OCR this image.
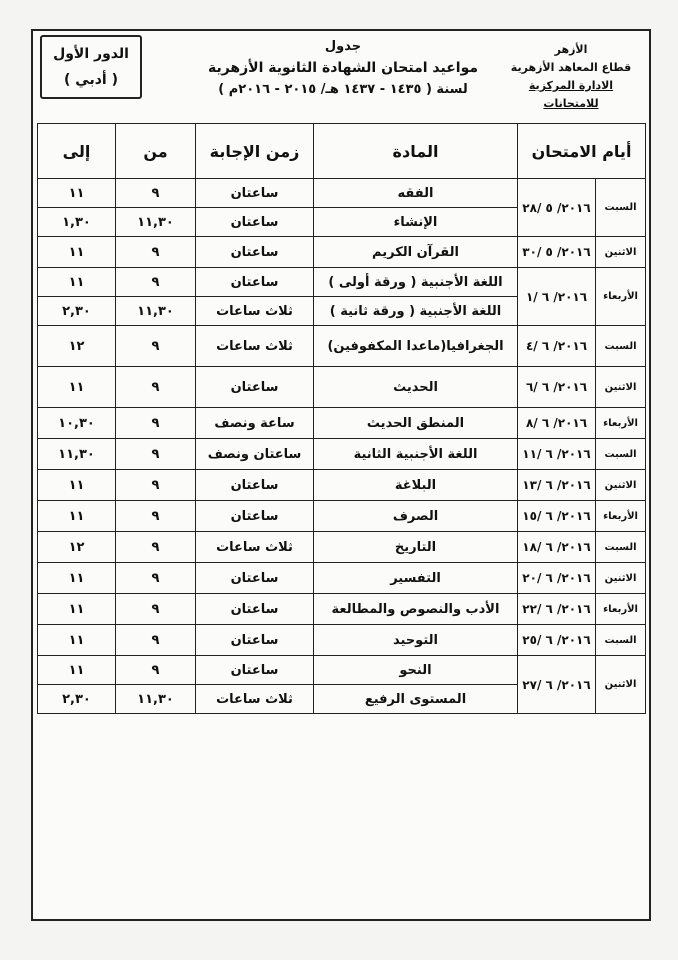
الأزهر
قطاع المعاهد الأزهرية
الادارة المركزية للامتحانات
جدول
مواعيد امتحان الشهادة الثانوية الأزهرية
لسنة ( ١٤٣٥ - ١٤٣٧ هـ/ ٢٠١٥ - ٢٠١٦م )
الدور الأول
( أدبي )
أيام الامتحان		المادة	زمن الإجابة	من	إلى
السبت	٢٠١٦/ ٥ /٢٨	الفقه	ساعتان	٩	١١
		الإنشاء	ساعتان	١١,٣٠	١,٣٠
الاثنين	٢٠١٦/ ٥ /٣٠	القرآن الكريم	ساعتان	٩	١١
الأربعاء	٢٠١٦/ ٦ /١	اللغة الأجنبية ( ورقة أولى )	ساعتان	٩	١١
		اللغة الأجنبية ( ورقة ثانية )	ثلاث ساعات	١١,٣٠	٢,٣٠
السبت	٢٠١٦/ ٦ /٤	الجغرافيا(ماعدا المكفوفين)	ثلاث ساعات	٩	١٢
الاثنين	٢٠١٦/ ٦ /٦	الحديث	ساعتان	٩	١١
الأربعاء	٢٠١٦/ ٦ /٨	المنطق الحديث	ساعة ونصف	٩	١٠,٣٠
السبت	٢٠١٦/ ٦ /١١	اللغة الأجنبية الثانية	ساعتان ونصف	٩	١١,٣٠
الاثنين	٢٠١٦/ ٦ /١٣	البلاغة	ساعتان	٩	١١
الأربعاء	٢٠١٦/ ٦ /١٥	الصرف	ساعتان	٩	١١
السبت	٢٠١٦/ ٦ /١٨	التاريخ	ثلاث ساعات	٩	١٢
الاثنين	٢٠١٦/ ٦ /٢٠	التفسير	ساعتان	٩	١١
الأربعاء	٢٠١٦/ ٦ /٢٢	الأدب والنصوص والمطالعة	ساعتان	٩	١١
السبت	٢٠١٦/ ٦ /٢٥	التوحيد	ساعتان	٩	١١
الاثنين	٢٠١٦/ ٦ /٢٧	النحو	ساعتان	٩	١١
		المستوى الرفيع	ثلاث ساعات	١١,٣٠	٢,٣٠
